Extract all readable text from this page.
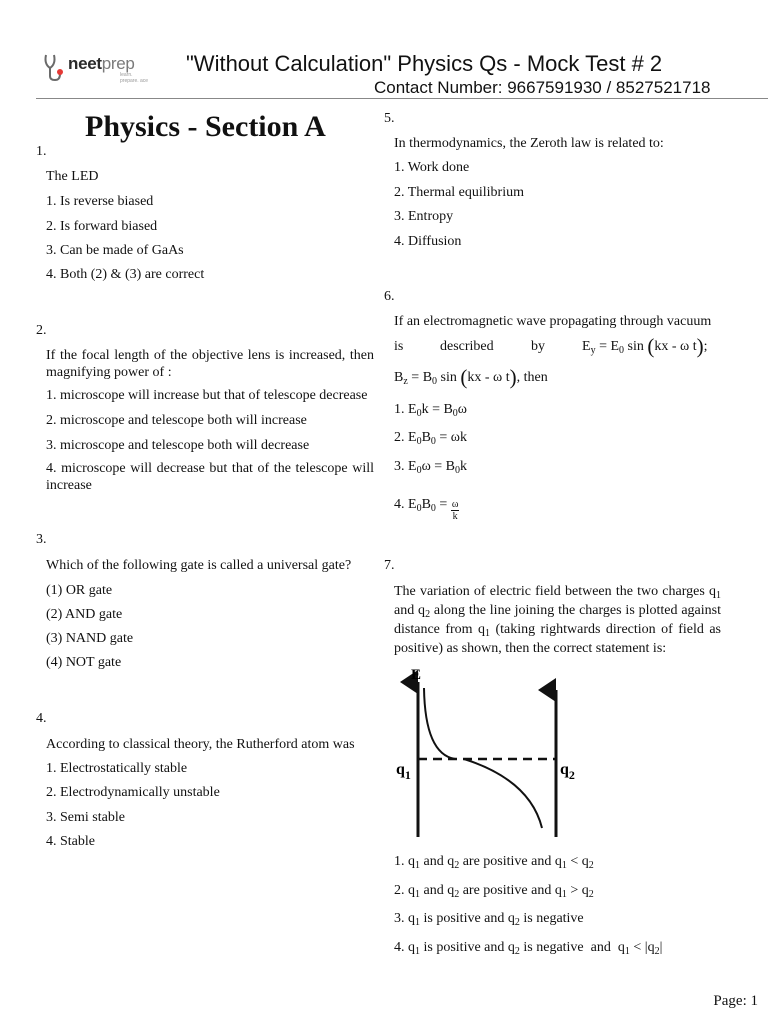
neetprep
learn. prepare. ace
"Without Calculation" Physics Qs - Mock Test # 2
Contact Number: 9667591930 / 8527521718
Physics - Section A
1.
The LED
1. Is reverse biased
2. Is forward biased
3. Can be made of GaAs
4. Both (2) & (3) are correct
2.
If the focal length of the objective lens is increased, then magnifying power of :
1. microscope will increase but that of telescope decrease
2. microscope and telescope both will increase
3. microscope and telescope both will decrease
4. microscope will decrease but that of the telescope will increase
3.
Which of the following gate is called a universal gate?
(1) OR gate
(2) AND gate
(3) NAND gate
(4) NOT gate
4.
According to classical theory, the Rutherford atom was
1. Electrostatically stable
2. Electrodynamically unstable
3. Semi stable
4. Stable
5.
In thermodynamics, the Zeroth law is related to:
1. Work done
2. Thermal equilibrium
3. Entropy
4. Diffusion
6.
If an electromagnetic wave propagating through vacuum
is	described	by	$E_y = E_0$ sin (kx - ω t);
$B_z = B_0$ sin (kx - ω t), then
1. $E_0k = B_0\omega$
2. $E_0B_0 = \omega k$
3. $E_0\omega = B_0k$
4. $E_0B_0 = \frac{\omega}{k}$
7.
The variation of electric field between the two charges $q_1$ and $q_2$ along the line joining the charges is plotted against distance from $q_1$ (taking rightwards direction of field as positive) as shown, then the correct statement is:
E
$q_1$	$q_2$
1. $q_1$ and $q_2$ are positive and $q_1 < q_2$
2. $q_1$ and $q_2$ are positive and $q_1 > q_2$
3. $q_1$ is positive and $q_2$ is negative
4. $q_1$ is positive and $q_2$ is negative  and  $q_1 < |q_2|$
Page: 1
